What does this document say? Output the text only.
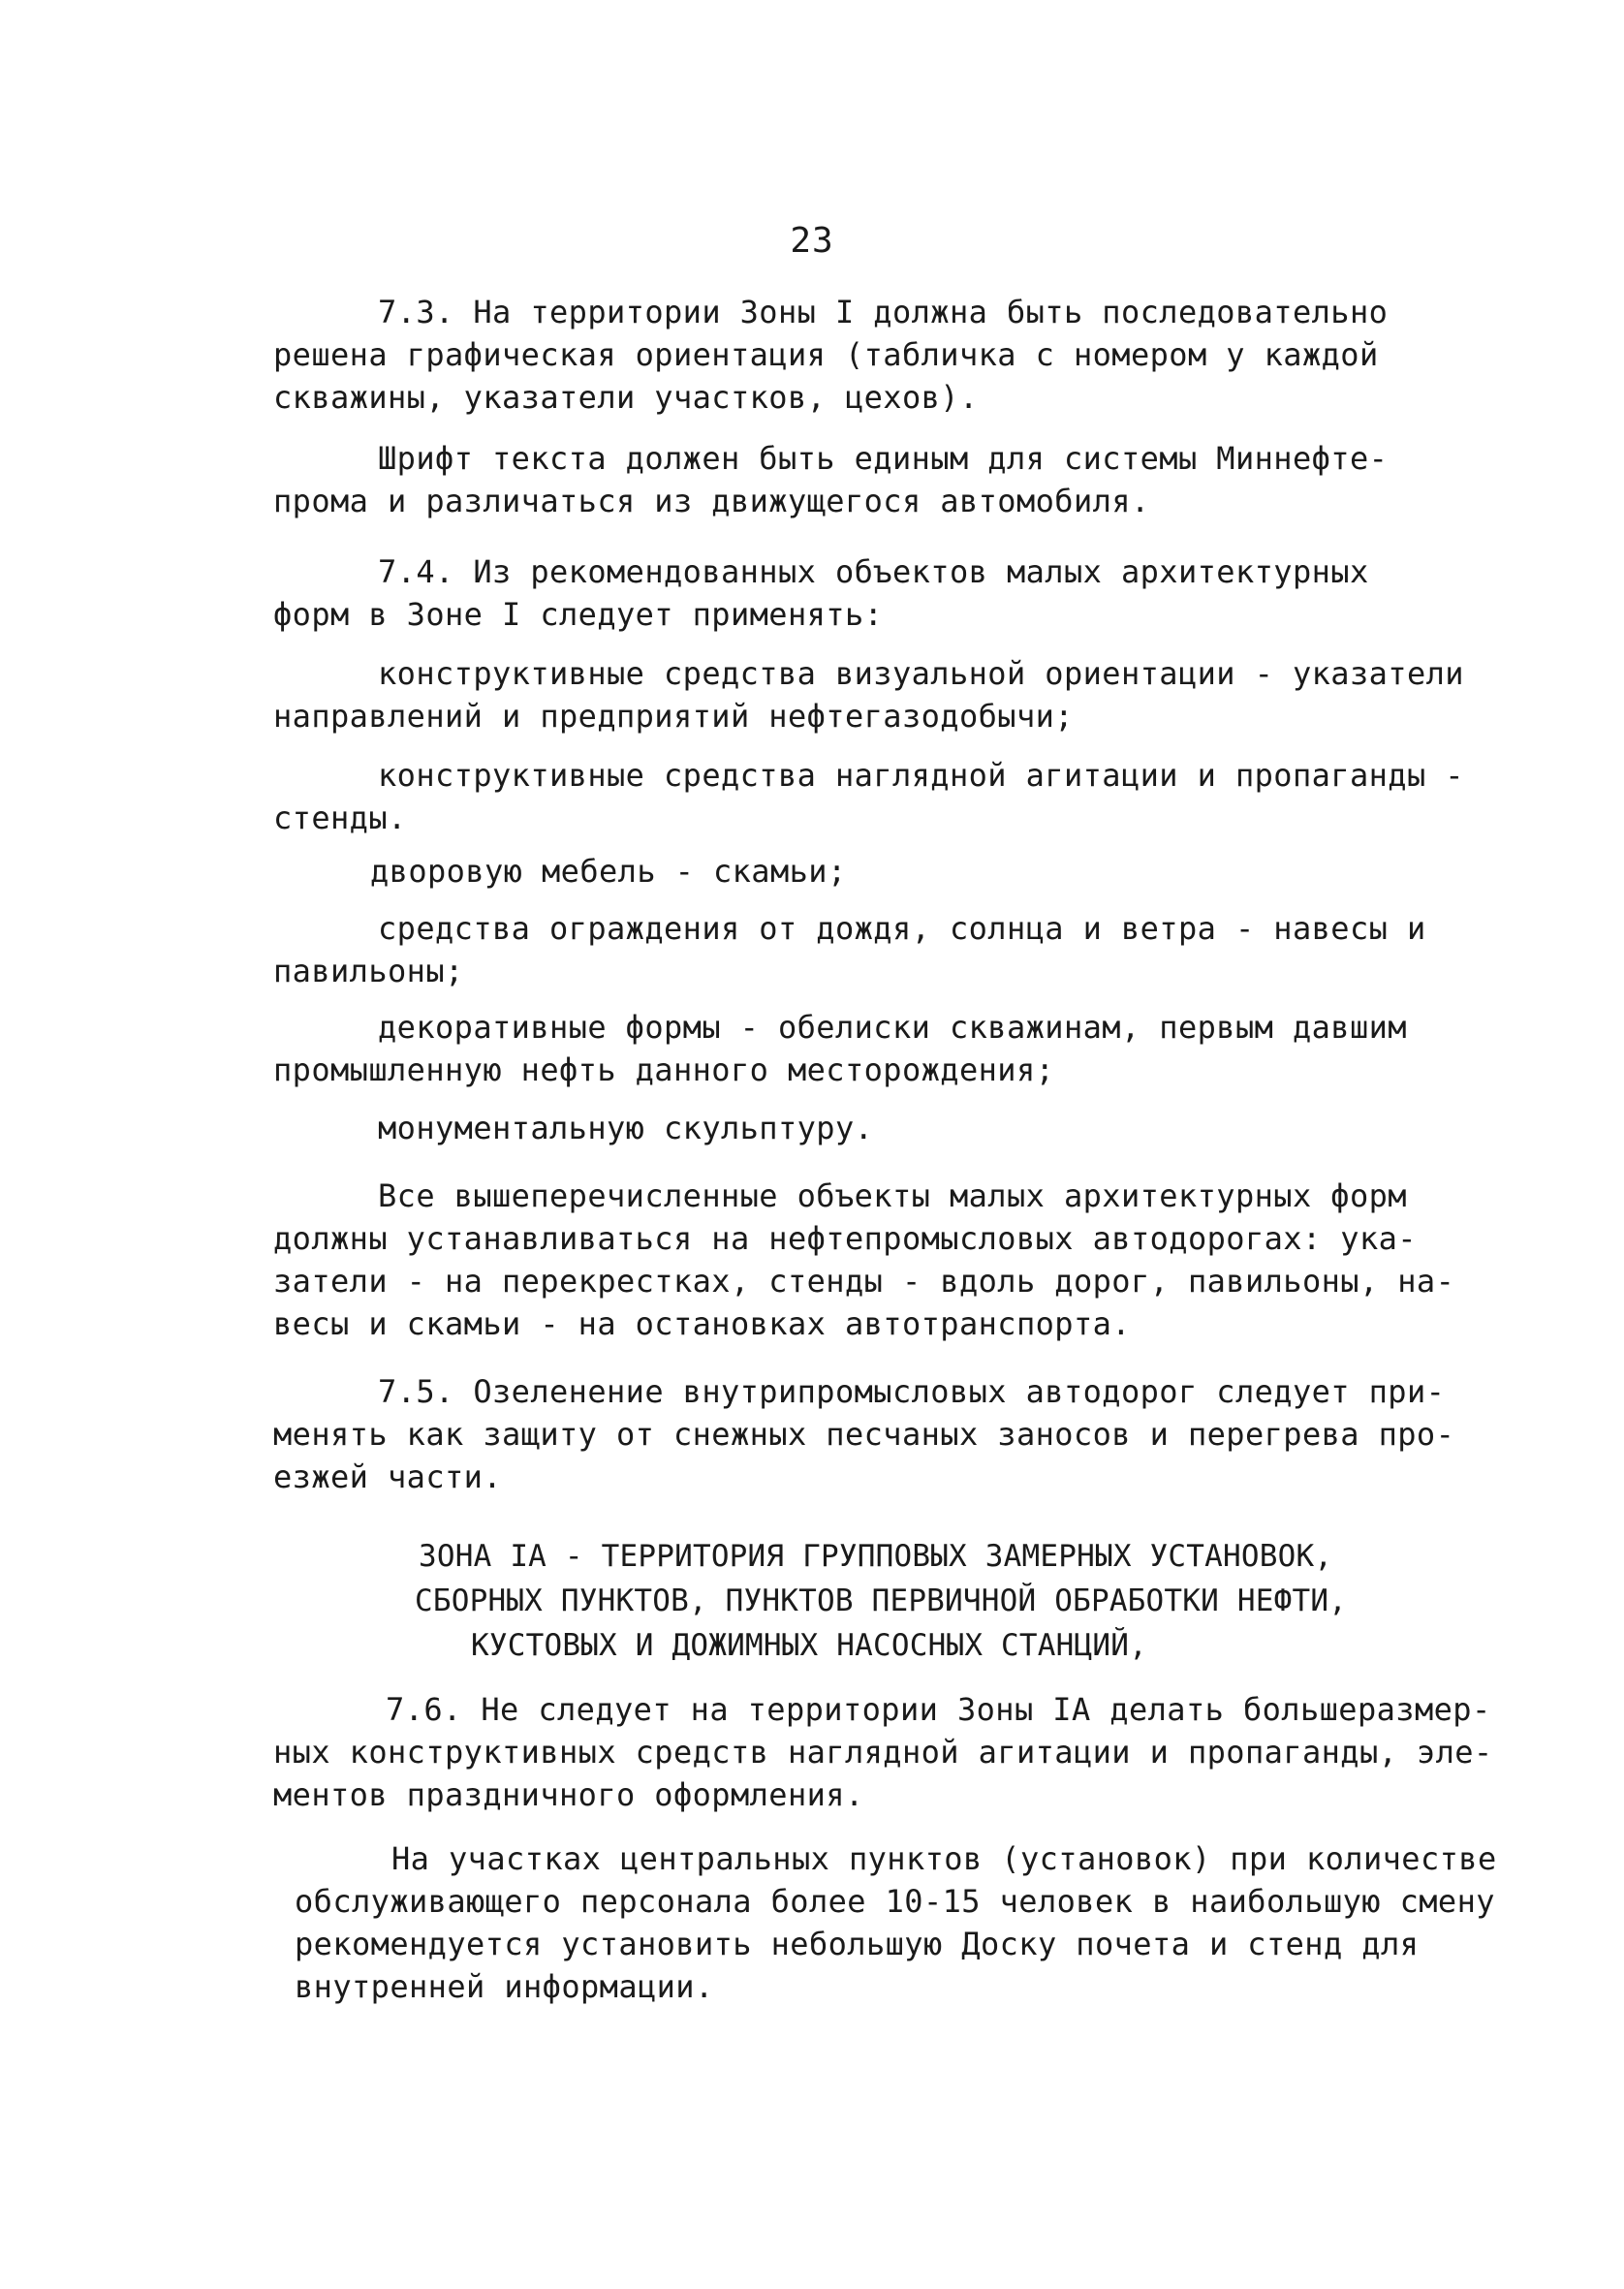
23
7.3. На территории Зоны I должна быть последовательно
решена графическая ориентация (табличка с номером у каждой
скважины, указатели участков, цехов).
Шрифт текста должен быть единым для системы Миннефте-
прома и различаться из движущегося автомобиля.
7.4. Из рекомендованных объектов малых архитектурных
форм в Зоне I следует применять:
конструктивные средства визуальной ориентации - указатели
направлений и предприятий нефтегазодобычи;
конструктивные средства наглядной агитации и пропаганды -
стенды.
дворовую мебель - скамьи;
средства ограждения от дождя, солнца и ветра - навесы и
павильоны;
декоративные формы - обелиски скважинам, первым давшим
промышленную нефть данного месторождения;
монументальную скульптуру.
Все вышеперечисленные объекты малых архитектурных форм
должны устанавливаться на нефтепромысловых автодорогах: ука-
затели - на перекрестках, стенды - вдоль дорог, павильоны, на-
весы и скамьи - на остановках автотранспорта.
7.5. Озеленение внутрипромысловых автодорог следует при-
менять как защиту от снежных песчаных заносов и перегрева про-
езжей части.
ЗОНА IА - ТЕРРИТОРИЯ ГРУППОВЫХ ЗАМЕРНЫХ УСТАНОВОК,
СБОРНЫХ ПУНКТОВ, ПУНКТОВ ПЕРВИЧНОЙ ОБРАБОТКИ НЕФТИ,
КУСТОВЫХ И ДОЖИМНЫХ НАСОСНЫХ СТАНЦИЙ,
7.6. Не следует на территории Зоны IА делать большеразмер-
ных конструктивных средств наглядной агитации и пропаганды, эле-
ментов праздничного оформления.
На участках центральных пунктов (установок) при количестве
обслуживающего персонала более 10-15 человек в наибольшую смену
рекомендуется установить небольшую Доску почета и стенд для
внутренней информации.
